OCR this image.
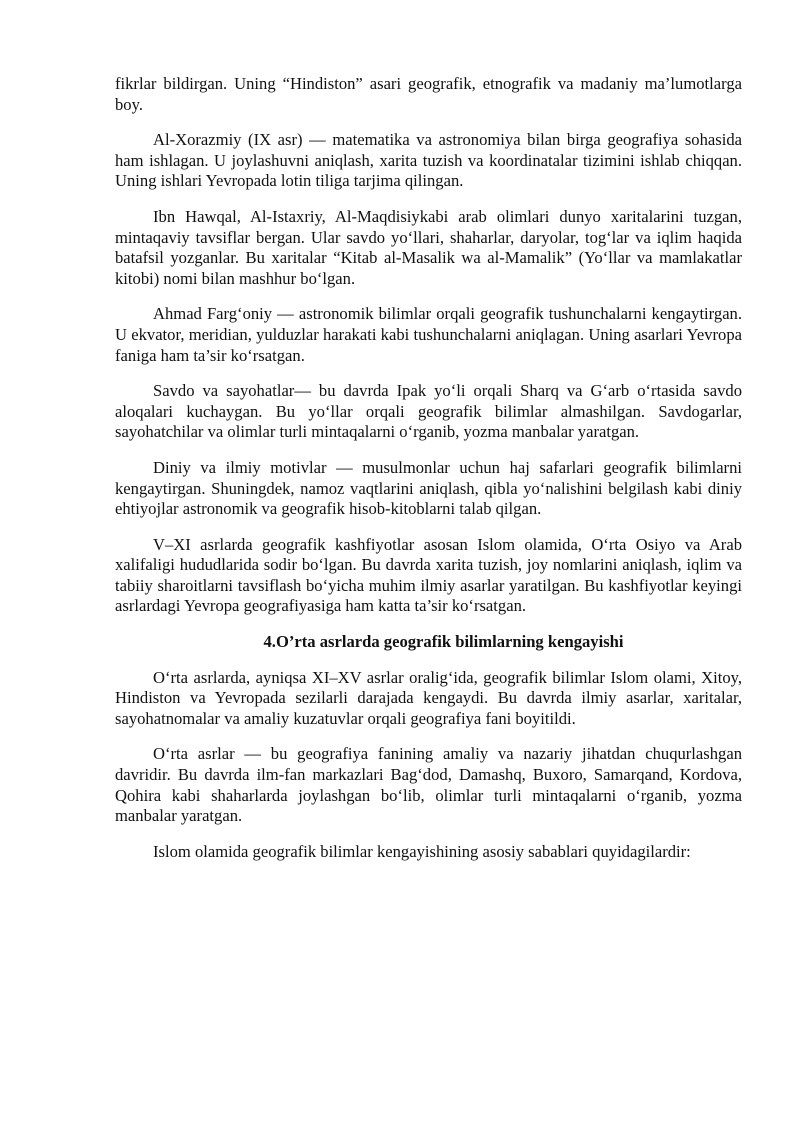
fikrlar bildirgan. Uning “Hindiston” asari geografik, etnografik va madaniy ma’lumotlarga boy.

Al-Xorazmiy (IX asr) — matematika va astronomiya bilan birga geografiya sohasida ham ishlagan. U joylashuvni aniqlash, xarita tuzish va koordinatalar tizimini ishlab chiqqan. Uning ishlari Yevropada lotin tiliga tarjima qilingan.

Ibn Hawqal, Al-Istaxriy, Al-Maqdisiykabi arab olimlari dunyo xaritalarini tuzgan, mintaqaviy tavsiflar bergan. Ular savdo yo‘llari, shaharlar, daryolar, tog‘lar va iqlim haqida batafsil yozganlar. Bu xaritalar “Kitab al-Masalik wa al-Mamalik” (Yo‘llar va mamlakatlar kitobi) nomi bilan mashhur bo‘lgan.

Ahmad Farg‘oniy — astronomik bilimlar orqali geografik tushunchalarni kengaytirgan. U ekvator, meridian, yulduzlar harakati kabi tushunchalarni aniqlagan. Uning asarlari Yevropa faniga ham ta’sir ko‘rsatgan.

Savdo va sayohatlar— bu davrda Ipak yo‘li orqali Sharq va G‘arb o‘rtasida savdo aloqalari kuchaygan. Bu yo‘llar orqali geografik bilimlar almashilgan. Savdogarlar, sayohatchilar va olimlar turli mintaqalarni o‘rganib, yozma manbalar yaratgan.

Diniy va ilmiy motivlar — musulmonlar uchun haj safarlari geografik bilimlarni kengaytirgan. Shuningdek, namoz vaqtlarini aniqlash, qibla yo‘nalishini belgilash kabi diniy ehtiyojlar astronomik va geografik hisob-kitoblarni talab qilgan.

V–XI asrlarda geografik kashfiyotlar asosan Islom olamida, O‘rta Osiyo va Arab xalifaligi hududlarida sodir bo‘lgan. Bu davrda xarita tuzish, joy nomlarini aniqlash, iqlim va tabiiy sharoitlarni tavsiflash bo‘yicha muhim ilmiy asarlar yaratilgan. Bu kashfiyotlar keyingi asrlardagi Yevropa geografiyasiga ham katta ta’sir ko‘rsatgan.

4.O’rta asrlarda geografik bilimlarning kengayishi

O‘rta asrlarda, ayniqsa XI–XV asrlar oralig‘ida, geografik bilimlar Islom olami, Xitoy, Hindiston va Yevropada sezilarli darajada kengaydi. Bu davrda ilmiy asarlar, xaritalar, sayohatnomalar va amaliy kuzatuvlar orqali geografiya fani boyitildi.

O‘rta asrlar — bu geografiya fanining amaliy va nazariy jihatdan chuqurlashgan davridir. Bu davrda ilm-fan markazlari Bag‘dod, Damashq, Buxoro, Samarqand, Kordova, Qohira kabi shaharlarda joylashgan bo‘lib, olimlar turli mintaqalarni o‘rganib, yozma manbalar yaratgan.

Islom olamida geografik bilimlar kengayishining asosiy sabablari quyidagilardir:
